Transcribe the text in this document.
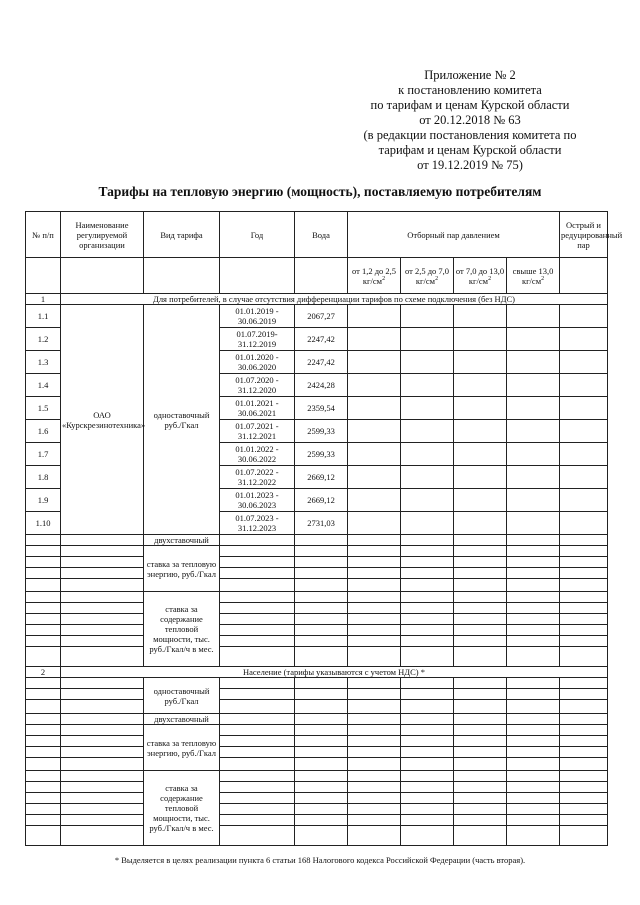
Приложение № 2
к постановлению комитета
по тарифам и ценам Курской области
от 20.12.2018 № 63
(в редакции постановления комитета по
тарифам и ценам Курской области
от 19.12.2019 № 75)
Тарифы на тепловую энергию (мощность), поставляемую потребителям
№ п/п	Наименование регулируемой организации	Вид тарифа	Год	Вода	Отборный пар давлением				Острый и редуцированный пар
					от 1,2 до 2,5 $кг/см^2$	от 2,5 до 7,0 $кг/см^2$	от 7,0 до 13,0 $кг/см^2$	свыше 13,0 $кг/см^2$	
1	Для потребителей, в случае отсутствия дифференциации тарифов по схеме подключения (без НДС)								
1.1	ОАО «Курскрезинотехника»	одноставочный руб./Гкал	01.01.2019 - 30.06.2019	2067,27					
1.2			01.07.2019- 31.12.2019	2247,42					
1.3			01.01.2020 - 30.06.2020	2247,42					
1.4			01.07.2020 - 31.12.2020	2424,28					
1.5			01.01.2021 - 30.06.2021	2359,54					
1.6			01.07.2021 - 31.12.2021	2599,33					
1.7			01.01.2022 - 30.06.2022	2599,33					
1.8			01.07.2022 - 31.12.2022	2669,12					
1.9			01.01.2023 - 30.06.2023	2669,12					
1.10			01.07.2023 - 31.12.2023	2731,03					
		двухставочный							
		ставка за тепловую энергию, руб./Гкал							

		ставка за содержание тепловой мощности, тыс. руб./Гкал/ч в мес.							

2	Население (тарифы указываются с учетом НДС) *								
		одноставочный руб./Гкал							

		двухставочный							
		ставка за тепловую энергию, руб./Гкал							

		ставка за содержание тепловой мощности, тыс. руб./Гкал/ч в мес.							

* Выделяется в целях реализации пункта 6 статьи 168 Налогового кодекса Российской Федерации (часть вторая).
